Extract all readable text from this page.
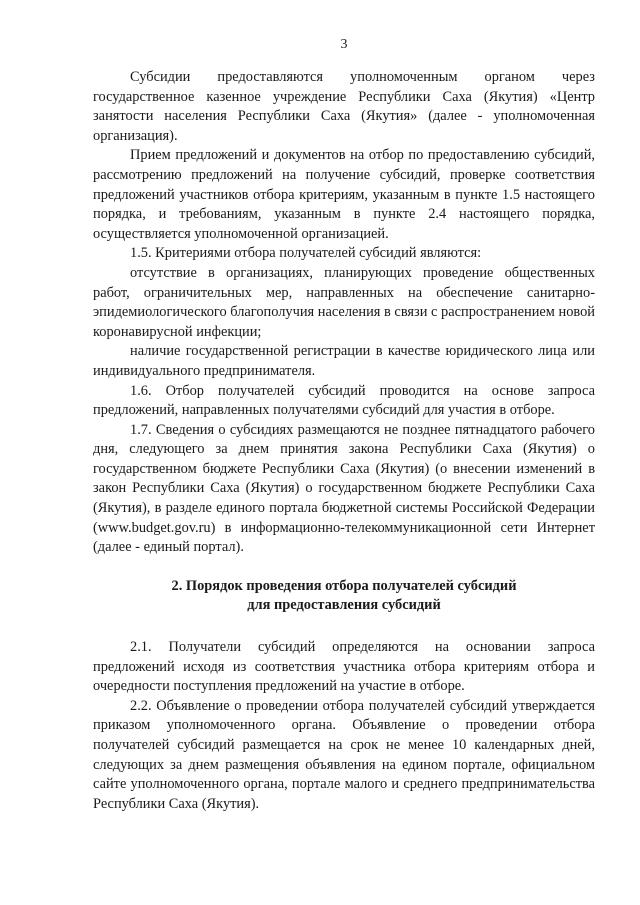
3

Субсидии предоставляются уполномоченным органом через государственное казенное учреждение Республики Саха (Якутия) «Центр занятости населения Республики Саха (Якутия» (далее - уполномоченная организация).

Прием предложений и документов на отбор по предоставлению субсидий, рассмотрению предложений на получение субсидий, проверке соответствия предложений участников отбора критериям, указанным в пункте 1.5 настоящего порядка, и требованиям, указанным в пункте 2.4 настоящего порядка, осуществляется уполномоченной организацией.

1.5. Критериями отбора получателей субсидий являются:

отсутствие в организациях, планирующих проведение общественных работ, ограничительных мер, направленных на обеспечение санитарно-эпидемиологического благополучия населения в связи с распространением новой коронавирусной инфекции;

наличие государственной регистрации в качестве юридического лица или индивидуального предпринимателя.

1.6. Отбор получателей субсидий проводится на основе запроса предложений, направленных получателями субсидий для участия в отборе.

1.7. Сведения о субсидиях размещаются не позднее пятнадцатого рабочего дня, следующего за днем принятия закона Республики Саха (Якутия) о государственном бюджете Республики Саха (Якутия) (о внесении изменений в закон Республики Саха (Якутия) о государственном бюджете Республики Саха (Якутия), в разделе единого портала бюджетной системы Российской Федерации (www.budget.gov.ru) в информационно-телекоммуникационной сети Интернет (далее - единый портал).

2. Порядок проведения отбора получателей субсидий
для предоставления субсидий

2.1. Получатели субсидий определяются на основании запроса предложений исходя из соответствия участника отбора критериям отбора и очередности поступления предложений на участие в отборе.

2.2. Объявление о проведении отбора получателей субсидий утверждается приказом уполномоченного органа. Объявление о проведении отбора получателей субсидий размещается на срок не менее 10 календарных дней, следующих за днем размещения объявления на едином портале, официальном сайте уполномоченного органа, портале малого и среднего предпринимательства Республики Саха (Якутия).
